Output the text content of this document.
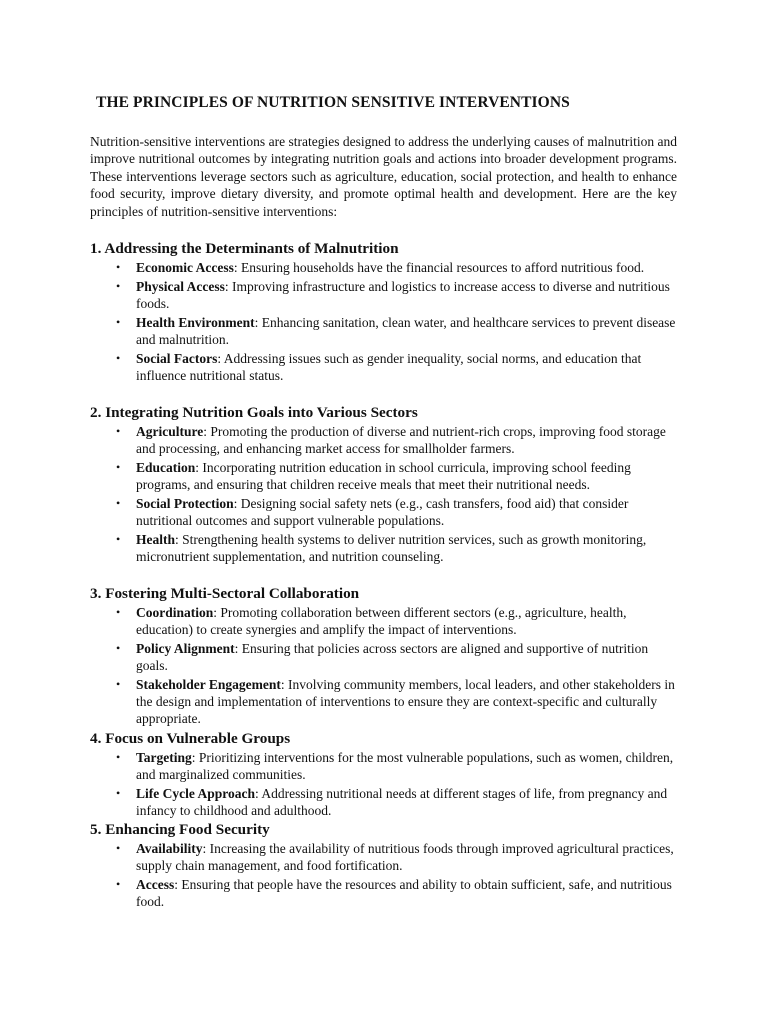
THE PRINCIPLES OF NUTRITION SENSITIVE INTERVENTIONS

Nutrition-sensitive interventions are strategies designed to address the underlying causes of malnutrition and improve nutritional outcomes by integrating nutrition goals and actions into broader development programs. These interventions leverage sectors such as agriculture, education, social protection, and health to enhance food security, improve dietary diversity, and promote optimal health and development. Here are the key principles of nutrition-sensitive interventions:

1. Addressing the Determinants of Malnutrition
• Economic Access: Ensuring households have the financial resources to afford nutritious food.
• Physical Access: Improving infrastructure and logistics to increase access to diverse and nutritious foods.
• Health Environment: Enhancing sanitation, clean water, and healthcare services to prevent disease and malnutrition.
• Social Factors: Addressing issues such as gender inequality, social norms, and education that influence nutritional status.
2. Integrating Nutrition Goals into Various Sectors
• Agriculture: Promoting the production of diverse and nutrient-rich crops, improving food storage and processing, and enhancing market access for smallholder farmers.
• Education: Incorporating nutrition education in school curricula, improving school feeding programs, and ensuring that children receive meals that meet their nutritional needs.
• Social Protection: Designing social safety nets (e.g., cash transfers, food aid) that consider nutritional outcomes and support vulnerable populations.
• Health: Strengthening health systems to deliver nutrition services, such as growth monitoring, micronutrient supplementation, and nutrition counseling.
3. Fostering Multi-Sectoral Collaboration
• Coordination: Promoting collaboration between different sectors (e.g., agriculture, health, education) to create synergies and amplify the impact of interventions.
• Policy Alignment: Ensuring that policies across sectors are aligned and supportive of nutrition goals.
• Stakeholder Engagement: Involving community members, local leaders, and other stakeholders in the design and implementation of interventions to ensure they are context-specific and culturally appropriate.
4. Focus on Vulnerable Groups
• Targeting: Prioritizing interventions for the most vulnerable populations, such as women, children, and marginalized communities.
• Life Cycle Approach: Addressing nutritional needs at different stages of life, from pregnancy and infancy to childhood and adulthood.
5. Enhancing Food Security
• Availability: Increasing the availability of nutritious foods through improved agricultural practices, supply chain management, and food fortification.
• Access: Ensuring that people have the resources and ability to obtain sufficient, safe, and nutritious food.
